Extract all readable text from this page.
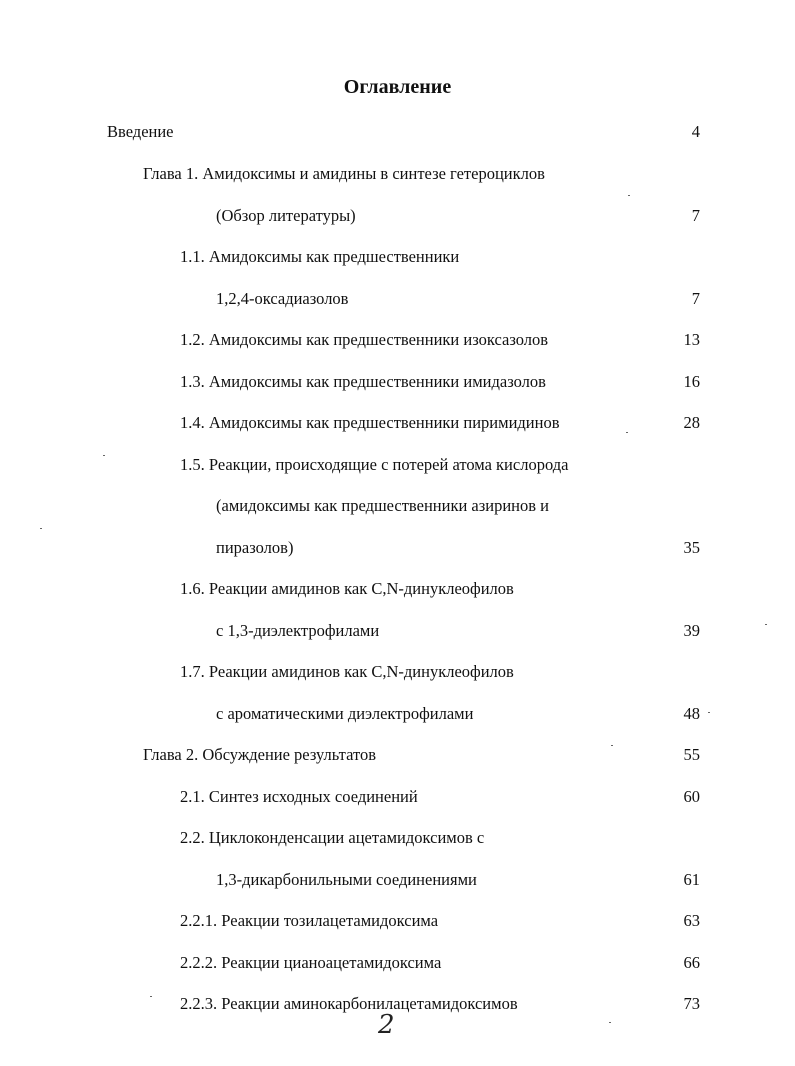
Оглавление
Введение	4
Глава 1. Амидоксимы и амидины в синтезе гетероциклов
(Обзор литературы)	7
1.1. Амидоксимы как предшественники
1,2,4-оксадиазолов	7
1.2. Амидоксимы как предшественники изоксазолов	13
1.3. Амидоксимы как предшественники имидазолов	16
1.4. Амидоксимы как предшественники пиримидинов	28
1.5. Реакции, происходящие с потерей атома кислорода
(амидоксимы как предшественники азиринов и
пиразолов)	35
1.6. Реакции амидинов как C,N-динуклеофилов
с 1,3-диэлектрофилами	39
1.7. Реакции амидинов как C,N-динуклеофилов
с ароматическими диэлектрофилами	48
Глава 2. Обсуждение результатов	55
2.1. Синтез исходных соединений	60
2.2. Циклоконденсации ацетамидоксимов с
1,3-дикарбонильными соединениями	61
2.2.1. Реакции тозилацетамидоксима	63
2.2.2. Реакции цианоацетамидоксима	66
2.2.3. Реакции аминокарбонилацетамидоксимов	73
2
